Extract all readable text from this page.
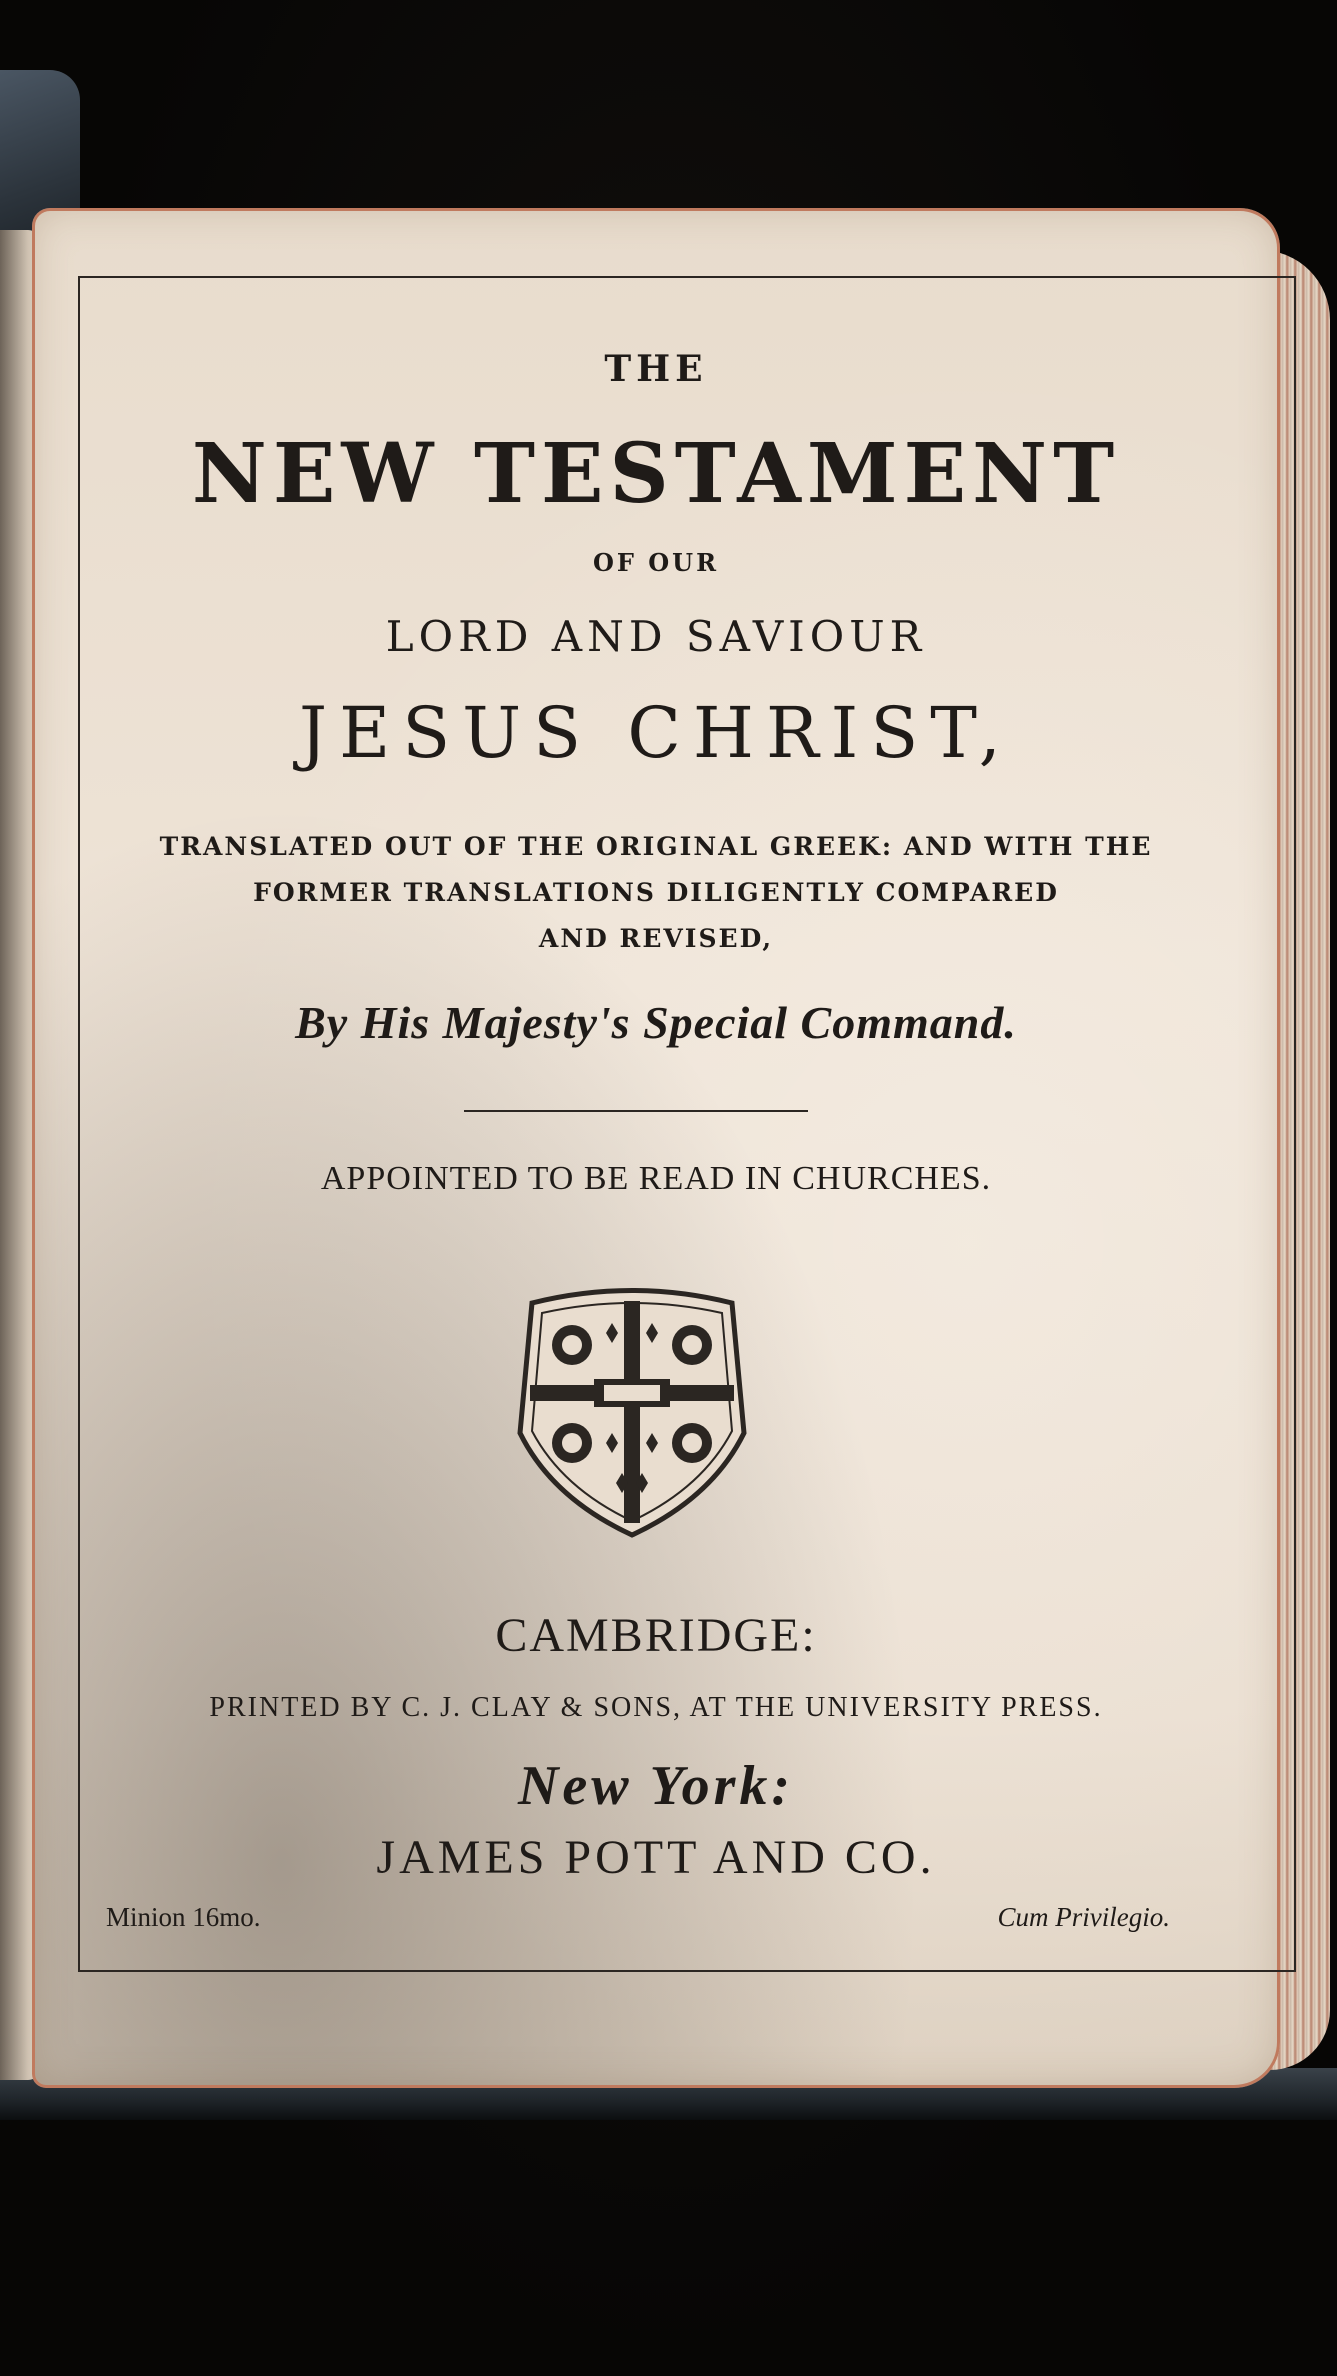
THE
NEW TESTAMENT
OF OUR
LORD AND SAVIOUR
JESUS CHRIST,
TRANSLATED OUT OF THE ORIGINAL GREEK: AND WITH THE
FORMER TRANSLATIONS DILIGENTLY COMPARED
AND REVISED,
By His Majesty's Special Command.
APPOINTED TO BE READ IN CHURCHES.
CAMBRIDGE:
PRINTED BY C. J. CLAY & SONS, AT THE UNIVERSITY PRESS.
New York:
JAMES POTT AND CO.
Minion 16mo.	Cum Privilegio.
